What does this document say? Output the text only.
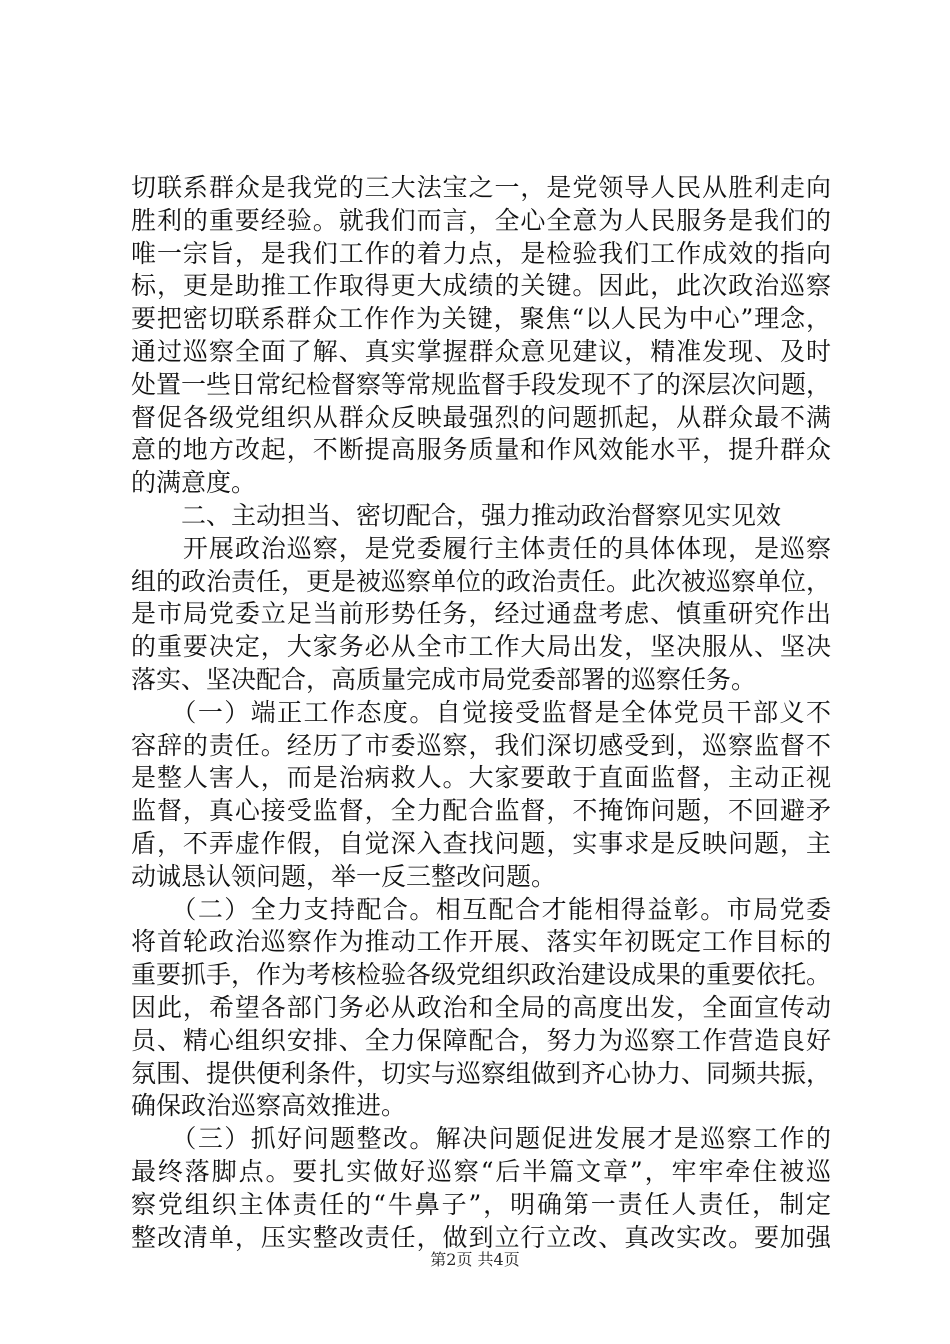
切联系群众是我党的三大法宝之一，是党领导人民从胜利走向
胜利的重要经验。就我们而言，全心全意为人民服务是我们的
唯一宗旨，是我们工作的着力点，是检验我们工作成效的指向
标，更是助推工作取得更大成绩的关键。因此，此次政治巡察
要把密切联系群众工作作为关键，聚焦“以人民为中心”理念，
通过巡察全面了解、真实掌握群众意见建议，精准发现、及时
处置一些日常纪检督察等常规监督手段发现不了的深层次问题，
督促各级党组织从群众反映最强烈的问题抓起，从群众最不满
意的地方改起，不断提高服务质量和作风效能水平，提升群众
的满意度。
　　二、主动担当、密切配合，强力推动政治督察见实见效
　　开展政治巡察，是党委履行主体责任的具体体现，是巡察
组的政治责任，更是被巡察单位的政治责任。此次被巡察单位，
是市局党委立足当前形势任务，经过通盘考虑、慎重研究作出
的重要决定，大家务必从全市工作大局出发，坚决服从、坚决
落实、坚决配合，高质量完成市局党委部署的巡察任务。
　　（一）端正工作态度。自觉接受监督是全体党员干部义不
容辞的责任。经历了市委巡察，我们深切感受到，巡察监督不
是整人害人，而是治病救人。大家要敢于直面监督，主动正视
监督，真心接受监督，全力配合监督，不掩饰问题，不回避矛
盾，不弄虚作假，自觉深入查找问题，实事求是反映问题，主
动诚恳认领问题，举一反三整改问题。
　　（二）全力支持配合。相互配合才能相得益彰。市局党委
将首轮政治巡察作为推动工作开展、落实年初既定工作目标的
重要抓手，作为考核检验各级党组织政治建设成果的重要依托。
因此，希望各部门务必从政治和全局的高度出发，全面宣传动
员、精心组织安排、全力保障配合，努力为巡察工作营造良好
氛围、提供便利条件，切实与巡察组做到齐心协力、同频共振，
确保政治巡察高效推进。
　　（三）抓好问题整改。解决问题促进发展才是巡察工作的
最终落脚点。要扎实做好巡察“后半篇文章”，牢牢牵住被巡
察党组织主体责任的“牛鼻子”，明确第一责任人责任，制定
整改清单，压实整改责任，做到立行立改、真改实改。要加强
第2页 共4页
